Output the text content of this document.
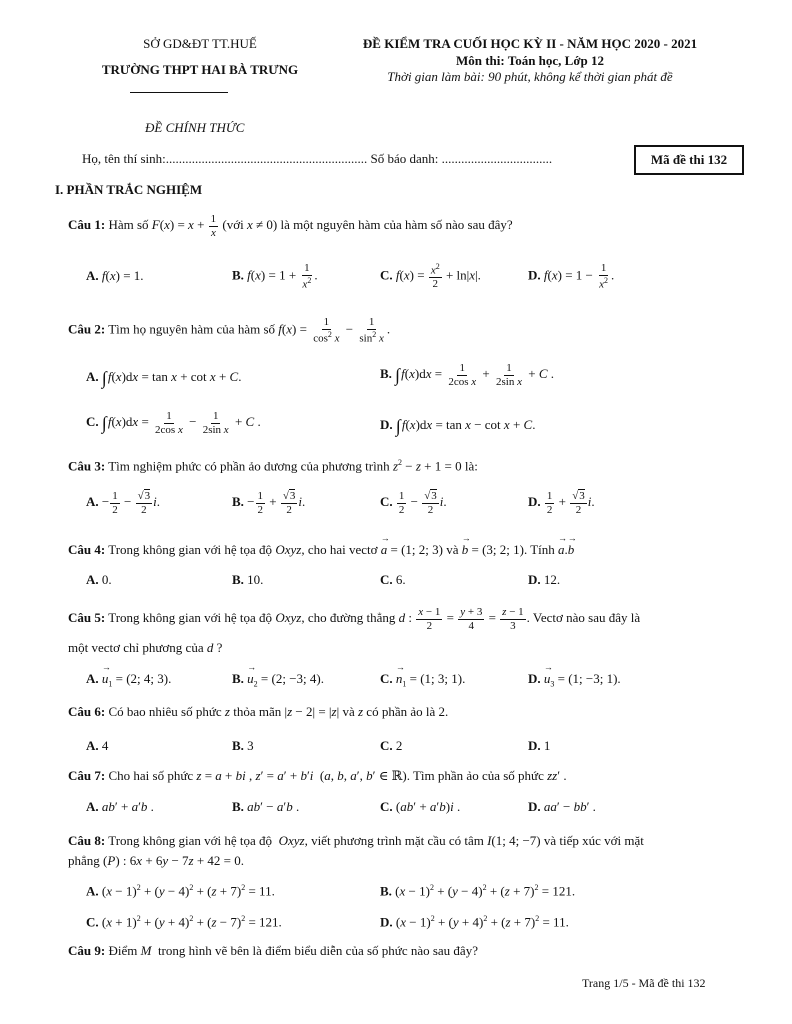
SỞ GD&ĐT TT.HUẾ
TRƯỜNG THPT HAI BÀ TRƯNG
ĐỀ KIỂM TRA CUỐI HỌC KỲ II - NĂM HỌC 2020 - 2021
Môn thi: Toán học, Lớp 12
Thời gian làm bài: 90 phút, không kể thời gian phát đề
ĐỀ CHÍNH THỨC
Họ, tên thí sinh:.............................................................. Số báo danh: ..................................	Mã đề thi 132
I. PHẦN TRẮC NGHIỆM
Câu 1: Hàm số $F(x) = x + \frac{1}{x}$ (với x ≠ 0) là một nguyên hàm của hàm số nào sau đây?
A. f(x) = 1.	B. $f(x) = 1 + \frac{1}{x^2}$ .	C. $f(x) = \frac{x^2}{2} + \ln|x|$.	D. $f(x) = 1 - \frac{1}{x^2}$ .
Câu 2: Tìm họ nguyên hàm của hàm số $f(x) = \frac{1}{\cos^2 x} - \frac{1}{\sin^2 x}$ .
A. ∫f(x)dx = tan x + cot x + C.	B. $\int f(x)dx = \frac{1}{\text{2cos x}} + \frac{1}{\text{2sin x}} + C$ .
C. $\int f(x)dx = \frac{1}{\text{2cos x}} - \frac{1}{\text{2sin x}} + C$ .	D. ∫f(x)dx = tan x − cot x + C.
Câu 3: Tìm nghiệm phức có phần ảo dương của phương trình $z^2 - z + 1 = 0$ là:
A. − $\frac{1}{2} - \frac{√3}{2} i$.	B. − $\frac{1}{2} + \frac{√3}{2} i$.	C. $\frac{1}{2} - \frac{√3}{2} i$.	D. $\frac{1}{2} + \frac{√3}{2} i$.
Câu 4: Trong không gian với hệ tọa độ Oxyz, cho hai vectơ → a = (1; 2; 3) và → b = (3; 2; 1). Tính → a.→ b
A. 0.	B. 10.	C. 6.	D. 12.
Câu 5: Trong không gian với hệ tọa độ Oxyz, cho đường thẳng d : $\frac{x - 1}{2} = \frac{y + 3}{4} = \frac{z - 1}{3}$ . Vectơ nào sau đây là
một vectơ chỉ phương của d ?
A. → $u_1 = (2$; 4; 3).	B. → $u_2 = (2$; −3; 4).	C. → $n_1 = (1$; 3; 1).	D. → $u_3 = (1$; −3; 1).
Câu 6: Có bao nhiêu số phức z thỏa mãn |z − 2| = |z| và z có phần ảo là 2.
A. 4	B. 3	C. 2	D. 1
Câu 7: Cho hai số phức z = a + bi , z′ = a′ + b′i  (a, b, a′, b′ ∈ ℝ). Tìm phần ảo của số phức zz′ .
A. ab′ + a′b .	B. ab′ − a′b .	C. (ab′ + a′b)i .	D. aa′ − bb′ .
Câu 8: Trong không gian với hệ tọa độ Oxyz, viết phương trình mặt cầu có tâm I(1; 4; −7) và tiếp xúc với mặt
phẳng (P) : 6x + 6y − 7z + 42 = 0.
A. $(x - 1)^2 + (y - 4)^2 + (z + 7)^2 = 11$.	B. $(x - 1)^2 + (y - 4)^2 + (z + 7)^2 = 121$.
C. $(x + 1)^2 + (y + 4)^2 + (z - 7)^2 = 121$.	D. $(x - 1)^2 + (y + 4)^2 + (z + 7)^2 = 11$.
Câu 9: Điểm M trong hình vẽ bên là điểm biểu diễn của số phức nào sau đây?
Trang 1/5 - Mã đề thi 132
